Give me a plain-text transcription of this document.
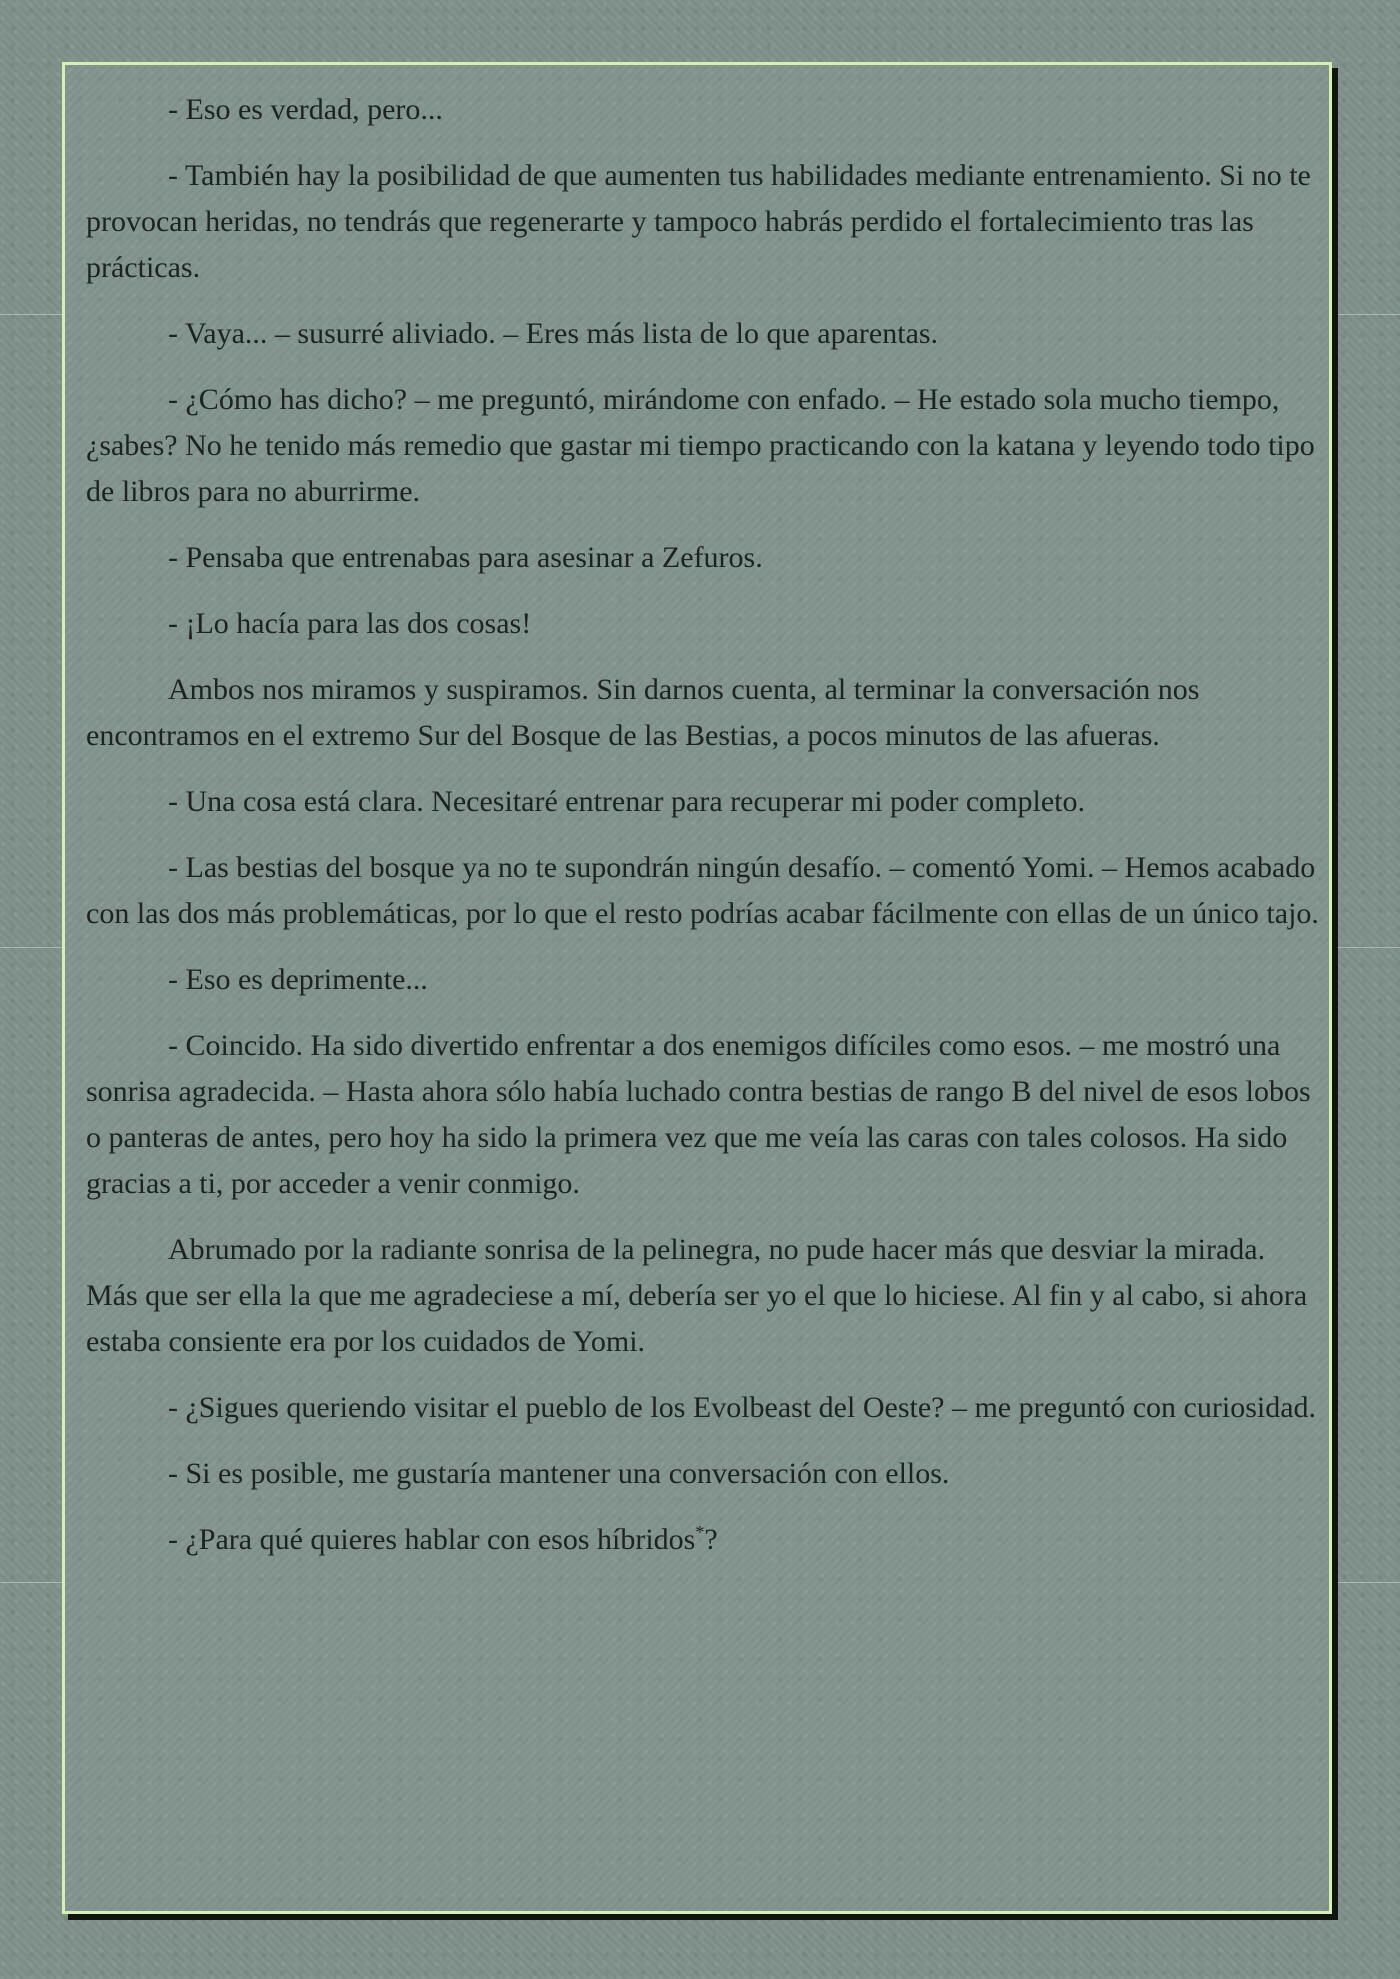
- Eso es verdad, pero...

- También hay la posibilidad de que aumenten tus habilidades mediante entrenamiento. Si no te provocan heridas, no tendrás que regenerarte y tampoco habrás perdido el fortalecimiento tras las prácticas.

- Vaya... – susurré aliviado. – Eres más lista de lo que aparentas.

- ¿Cómo has dicho? – me preguntó, mirándome con enfado. – He estado sola mucho tiempo, ¿sabes? No he tenido más remedio que gastar mi tiempo practicando con la katana y leyendo todo tipo de libros para no aburrirme.

- Pensaba que entrenabas para asesinar a Zefuros.

- ¡Lo hacía para las dos cosas!

Ambos nos miramos y suspiramos. Sin darnos cuenta, al terminar la conversación nos encontramos en el extremo Sur del Bosque de las Bestias, a pocos minutos de las afueras.

- Una cosa está clara. Necesitaré entrenar para recuperar mi poder completo.

- Las bestias del bosque ya no te supondrán ningún desafío. – comentó Yomi. – Hemos acabado con las dos más problemáticas, por lo que el resto podrías acabar fácilmente con ellas de un único tajo.

- Eso es deprimente...

- Coincido. Ha sido divertido enfrentar a dos enemigos difíciles como esos. – me mostró una sonrisa agradecida. – Hasta ahora sólo había luchado contra bestias de rango B del nivel de esos lobos o panteras de antes, pero hoy ha sido la primera vez que me veía las caras con tales colosos. Ha sido gracias a ti, por acceder a venir conmigo.

Abrumado por la radiante sonrisa de la pelinegra, no pude hacer más que desviar la mirada. Más que ser ella la que me agradeciese a mí, debería ser yo el que lo hiciese. Al fin y al cabo, si ahora estaba consiente era por los cuidados de Yomi.

- ¿Sigues queriendo visitar el pueblo de los Evolbeast del Oeste? – me preguntó con curiosidad.

- Si es posible, me gustaría mantener una conversación con ellos.

- ¿Para qué quieres hablar con esos híbridos*?
